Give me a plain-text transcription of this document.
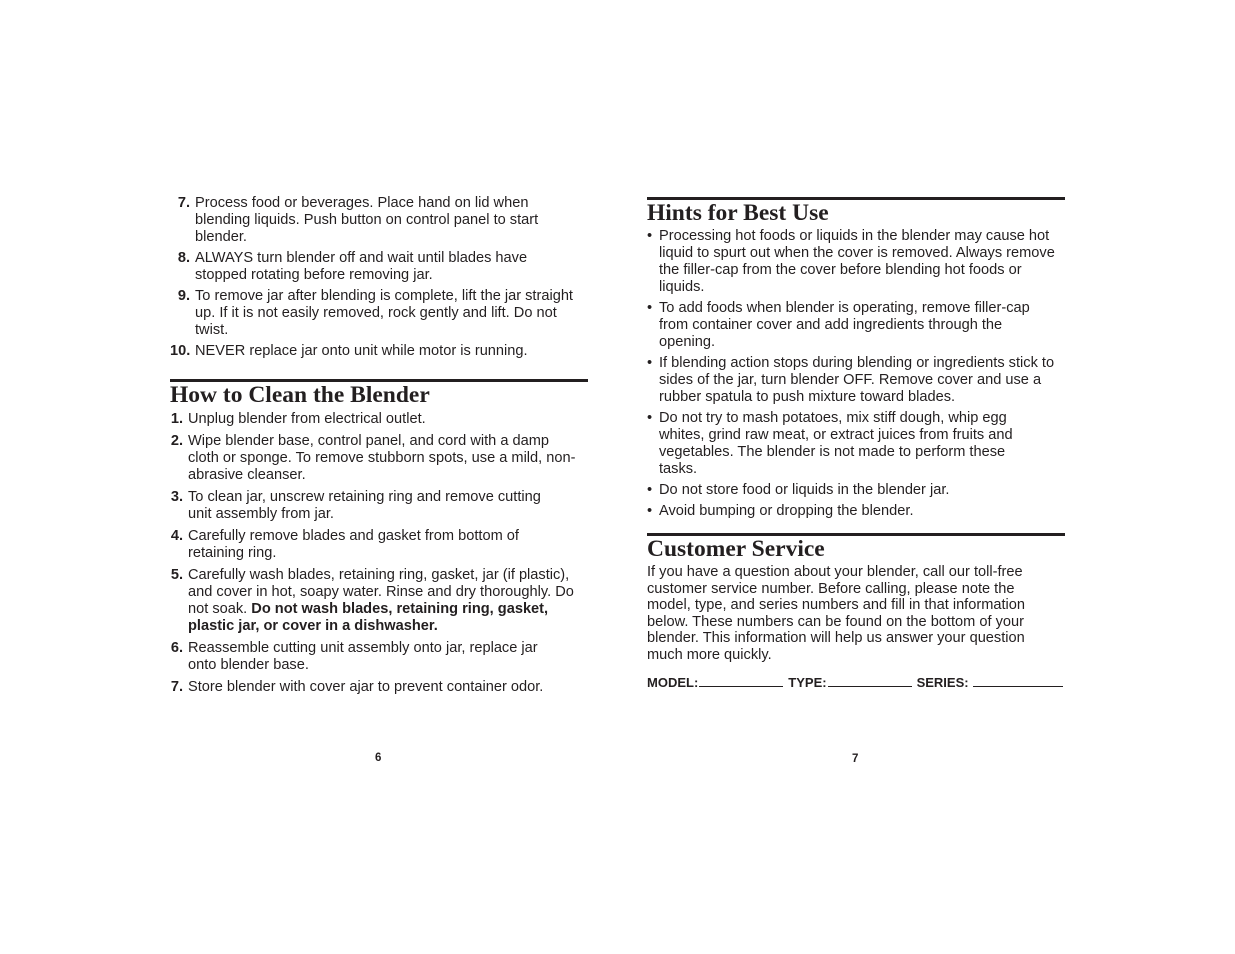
7. Process food or beverages. Place hand on lid when blending liquids. Push button on control panel to start blender.
8. ALWAYS turn blender off and wait until blades have stopped rotating before removing jar.
9. To remove jar after blending is complete, lift the jar straight up. If it is not easily removed, rock gently and lift. Do not twist.
10. NEVER replace jar onto unit while motor is running.
How to Clean the Blender
1. Unplug blender from electrical outlet.
2. Wipe blender base, control panel, and cord with a damp cloth or sponge. To remove stubborn spots, use a mild, non-abrasive cleanser.
3. To clean jar, unscrew retaining ring and remove cutting unit assembly from jar.
4. Carefully remove blades and gasket from bottom of retaining ring.
5. Carefully wash blades, retaining ring, gasket, jar (if plastic), and cover in hot, soapy water. Rinse and dry thoroughly. Do not soak. Do not wash blades, retaining ring, gasket, plastic jar, or cover in a dishwasher.
6. Reassemble cutting unit assembly onto jar, replace jar onto blender base.
7. Store blender with cover ajar to prevent container odor.
6
Hints for Best Use
• Processing hot foods or liquids in the blender may cause hot liquid to spurt out when the cover is removed. Always remove the filler-cap from the cover before blending hot foods or liquids.
• To add foods when blender is operating, remove filler-cap from container cover and add ingredients through the opening.
• If blending action stops during blending or ingredients stick to sides of the jar, turn blender OFF. Remove cover and use a rubber spatula to push mixture toward blades.
• Do not try to mash potatoes, mix stiff dough, whip egg whites, grind raw meat, or extract juices from fruits and vegetables. The blender is not made to perform these tasks.
• Do not store food or liquids in the blender jar.
• Avoid bumping or dropping the blender.
Customer Service
If you have a question about your blender, call our toll-free customer service number. Before calling, please note the model, type, and series numbers and fill in that information below. These numbers can be found on the bottom of your blender. This information will help us answer your question much more quickly.
MODEL:	TYPE:	SERIES:
7
